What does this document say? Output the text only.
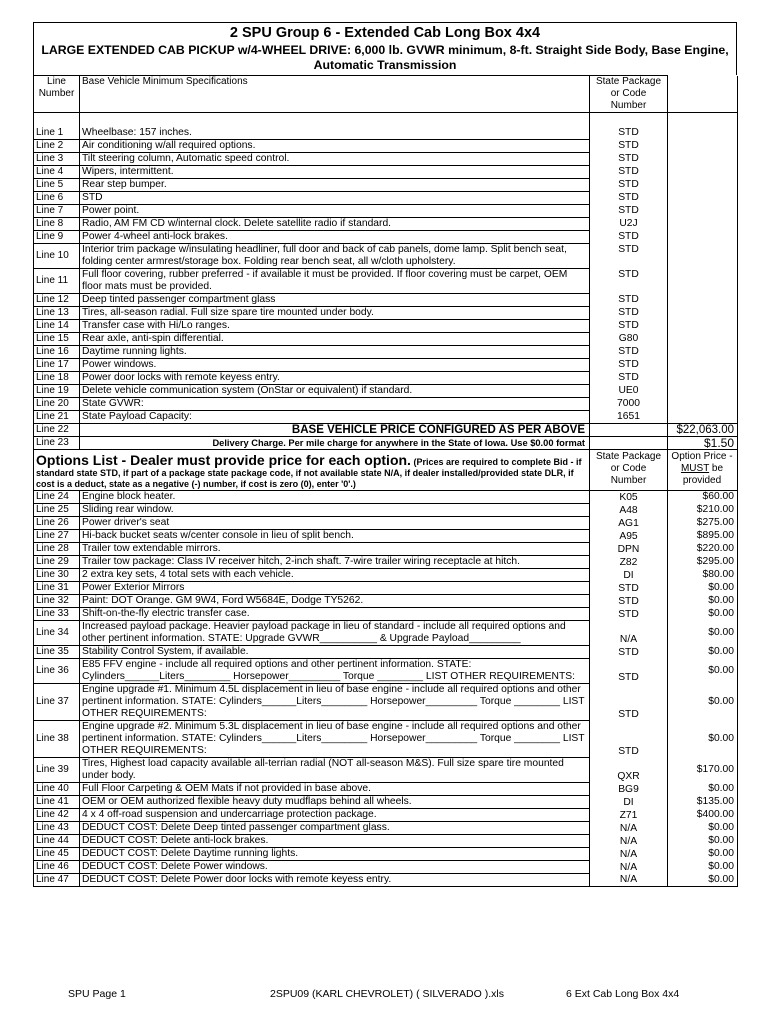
2 SPU Group 6 - Extended Cab Long Box 4x4
LARGE EXTENDED CAB PICKUP w/4-WHEEL DRIVE: 6,000 lb. GVWR minimum, 8-ft. Straight Side Body, Base Engine, Automatic Transmission
Line Number	Base Vehicle Minimum Specifications	State Package or Code Number	

Line 1	Wheelbase: 157 inches.	STD	
Line 2	Air conditioning w/all required options.	STD	
Line 3	Tilt steering column, Automatic speed control.	STD	
Line 4	Wipers, intermittent.	STD	
Line 5	Rear step bumper.	STD	
Line 6	STD	STD	
Line 7	Power point.	STD	
Line 8	Radio, AM FM CD w/internal clock. Delete satellite radio if standard.	U2J	
Line 9	Power 4-wheel anti-lock brakes.	STD	
Line 10	Interior trim package w/insulating headliner, full door and back of cab panels, dome lamp. Split bench seat, folding center armrest/storage box. Folding rear bench seat, all w/cloth upholstery.	STD	
Line 11	Full floor covering, rubber preferred - if available it must be provided. If floor covering must be carpet, OEM floor mats must be provided.	STD	
Line 12	Deep tinted passenger compartment glass	STD	
Line 13	Tires, all-season radial. Full size spare tire mounted under body.	STD	
Line 14	Transfer case with Hi/Lo ranges.	STD	
Line 15	Rear axle, anti-spin differential.	G80	
Line 16	Daytime running lights.	STD	
Line 17	Power windows.	STD	
Line 18	Power door locks with remote keyess entry.	STD	
Line 19	Delete vehicle communication system (OnStar or equivalent) if standard.	UE0	
Line 20	State GVWR:	7000	
Line 21	State Payload Capacity:	1651	
Line 22	BASE VEHICLE PRICE CONFIGURED AS PER ABOVE		$22,063.00
Line 23	Delivery Charge. Per mile charge for anywhere in the State of Iowa. Use $0.00 format		$1.50
Options List - Dealer must provide price for each option. (Prices are required to complete Bid - if standard state STD, if part of a package state package code, if not available state N/A, if dealer installed/provided state DLR, if cost is a deduct, state as a negative (-) number, if cost is zero (0), enter '0'.)		State Package or Code Number	Option Price -
MUST be provided
Line 24	Engine block heater.	K05	$60.00
Line 25	Sliding rear window.	A48	$210.00
Line 26	Power driver's seat	AG1	$275.00
Line 27	Hi-back bucket seats w/center console in lieu of split bench.	A95	$895.00
Line 28	Trailer tow extendable mirrors.	DPN	$220.00
Line 29	Trailer tow package: Class IV receiver hitch, 2-inch shaft. 7-wire trailer wiring receptacle at hitch.	Z82	$295.00
Line 30	2 extra key sets, 4 total sets with each vehicle.	DI	$80.00
Line 31	Power Exterior Mirrors	STD	$0.00
Line 32	Paint: DOT Orange. GM 9W4, Ford W5684E, Dodge TY5262.	STD	$0.00
Line 33	Shift-on-the-fly electric transfer case.	STD	$0.00
Line 34	Increased payload package. Heavier payload package in lieu of standard - include all required options and other pertinent information. STATE: Upgrade GVWR__________ & Upgrade Payload_________	N/A	$0.00
Line 35	Stability Control System, if available.	STD	$0.00
Line 36	E85 FFV engine - include all required options and other pertinent information. STATE: Cylinders______Liters________ Horsepower_________ Torque ________ LIST OTHER REQUIREMENTS:	STD	$0.00
Line 37	Engine upgrade #1. Minimum 4.5L displacement in lieu of base engine - include all required options and other pertinent information. STATE: Cylinders______Liters________ Horsepower_________ Torque ________ LIST OTHER REQUIREMENTS:	STD	$0.00
Line 38	Engine upgrade #2. Minimum 5.3L displacement in lieu of base engine - include all required options and other pertinent information. STATE: Cylinders______Liters________ Horsepower_________ Torque ________ LIST OTHER REQUIREMENTS:	STD	$0.00
Line 39	Tires, Highest load capacity available all-terrian radial (NOT all-season M&S). Full size spare tire mounted under body.	QXR	$170.00
Line 40	Full Floor Carpeting & OEM Mats if not provided in base above.	BG9	$0.00
Line 41	OEM or OEM authorized flexible heavy duty mudflaps behind all wheels.	DI	$135.00
Line 42	4 x 4 off-road suspension and undercarriage protection package.	Z71	$400.00
Line 43	DEDUCT COST: Delete Deep tinted passenger compartment glass.	N/A	$0.00
Line 44	DEDUCT COST: Delete anti-lock brakes.	N/A	$0.00
Line 45	DEDUCT COST: Delete Daytime running lights.	N/A	$0.00
Line 46	DEDUCT COST: Delete Power windows.	N/A	$0.00
Line 47	DEDUCT COST: Delete Power door locks with remote keyess entry.	N/A	$0.00
SPU Page 1	2SPU09 (KARL CHEVROLET) ( SILVERADO ).xls	6 Ext Cab Long Box 4x4
